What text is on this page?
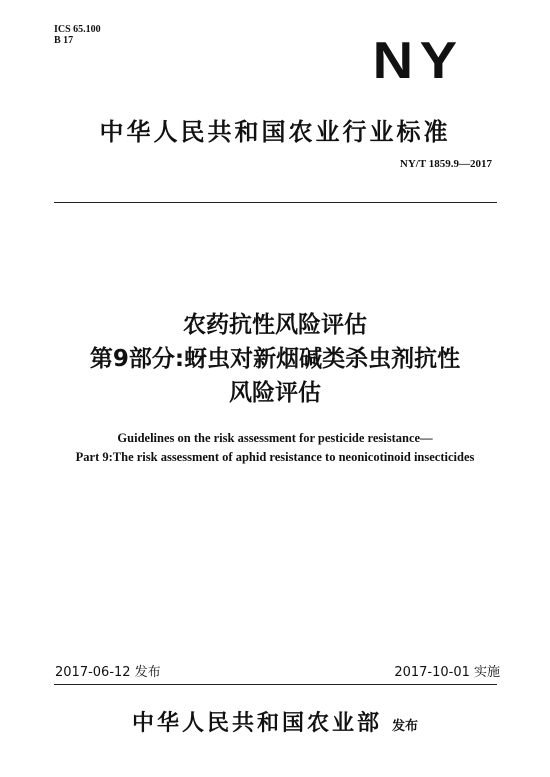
ICS 65.100
B 17	NY
中华人民共和国农业行业标准
NY/T 1859.9—2017
农药抗性风险评估
第9部分:蚜虫对新烟碱类杀虫剂抗性
风险评估
Guidelines on the risk assessment for pesticide resistance—
Part 9:The risk assessment of aphid resistance to neonicotinoid insecticides
2017-06-12 发布	2017-10-01 实施
中华人民共和国农业部 发布
